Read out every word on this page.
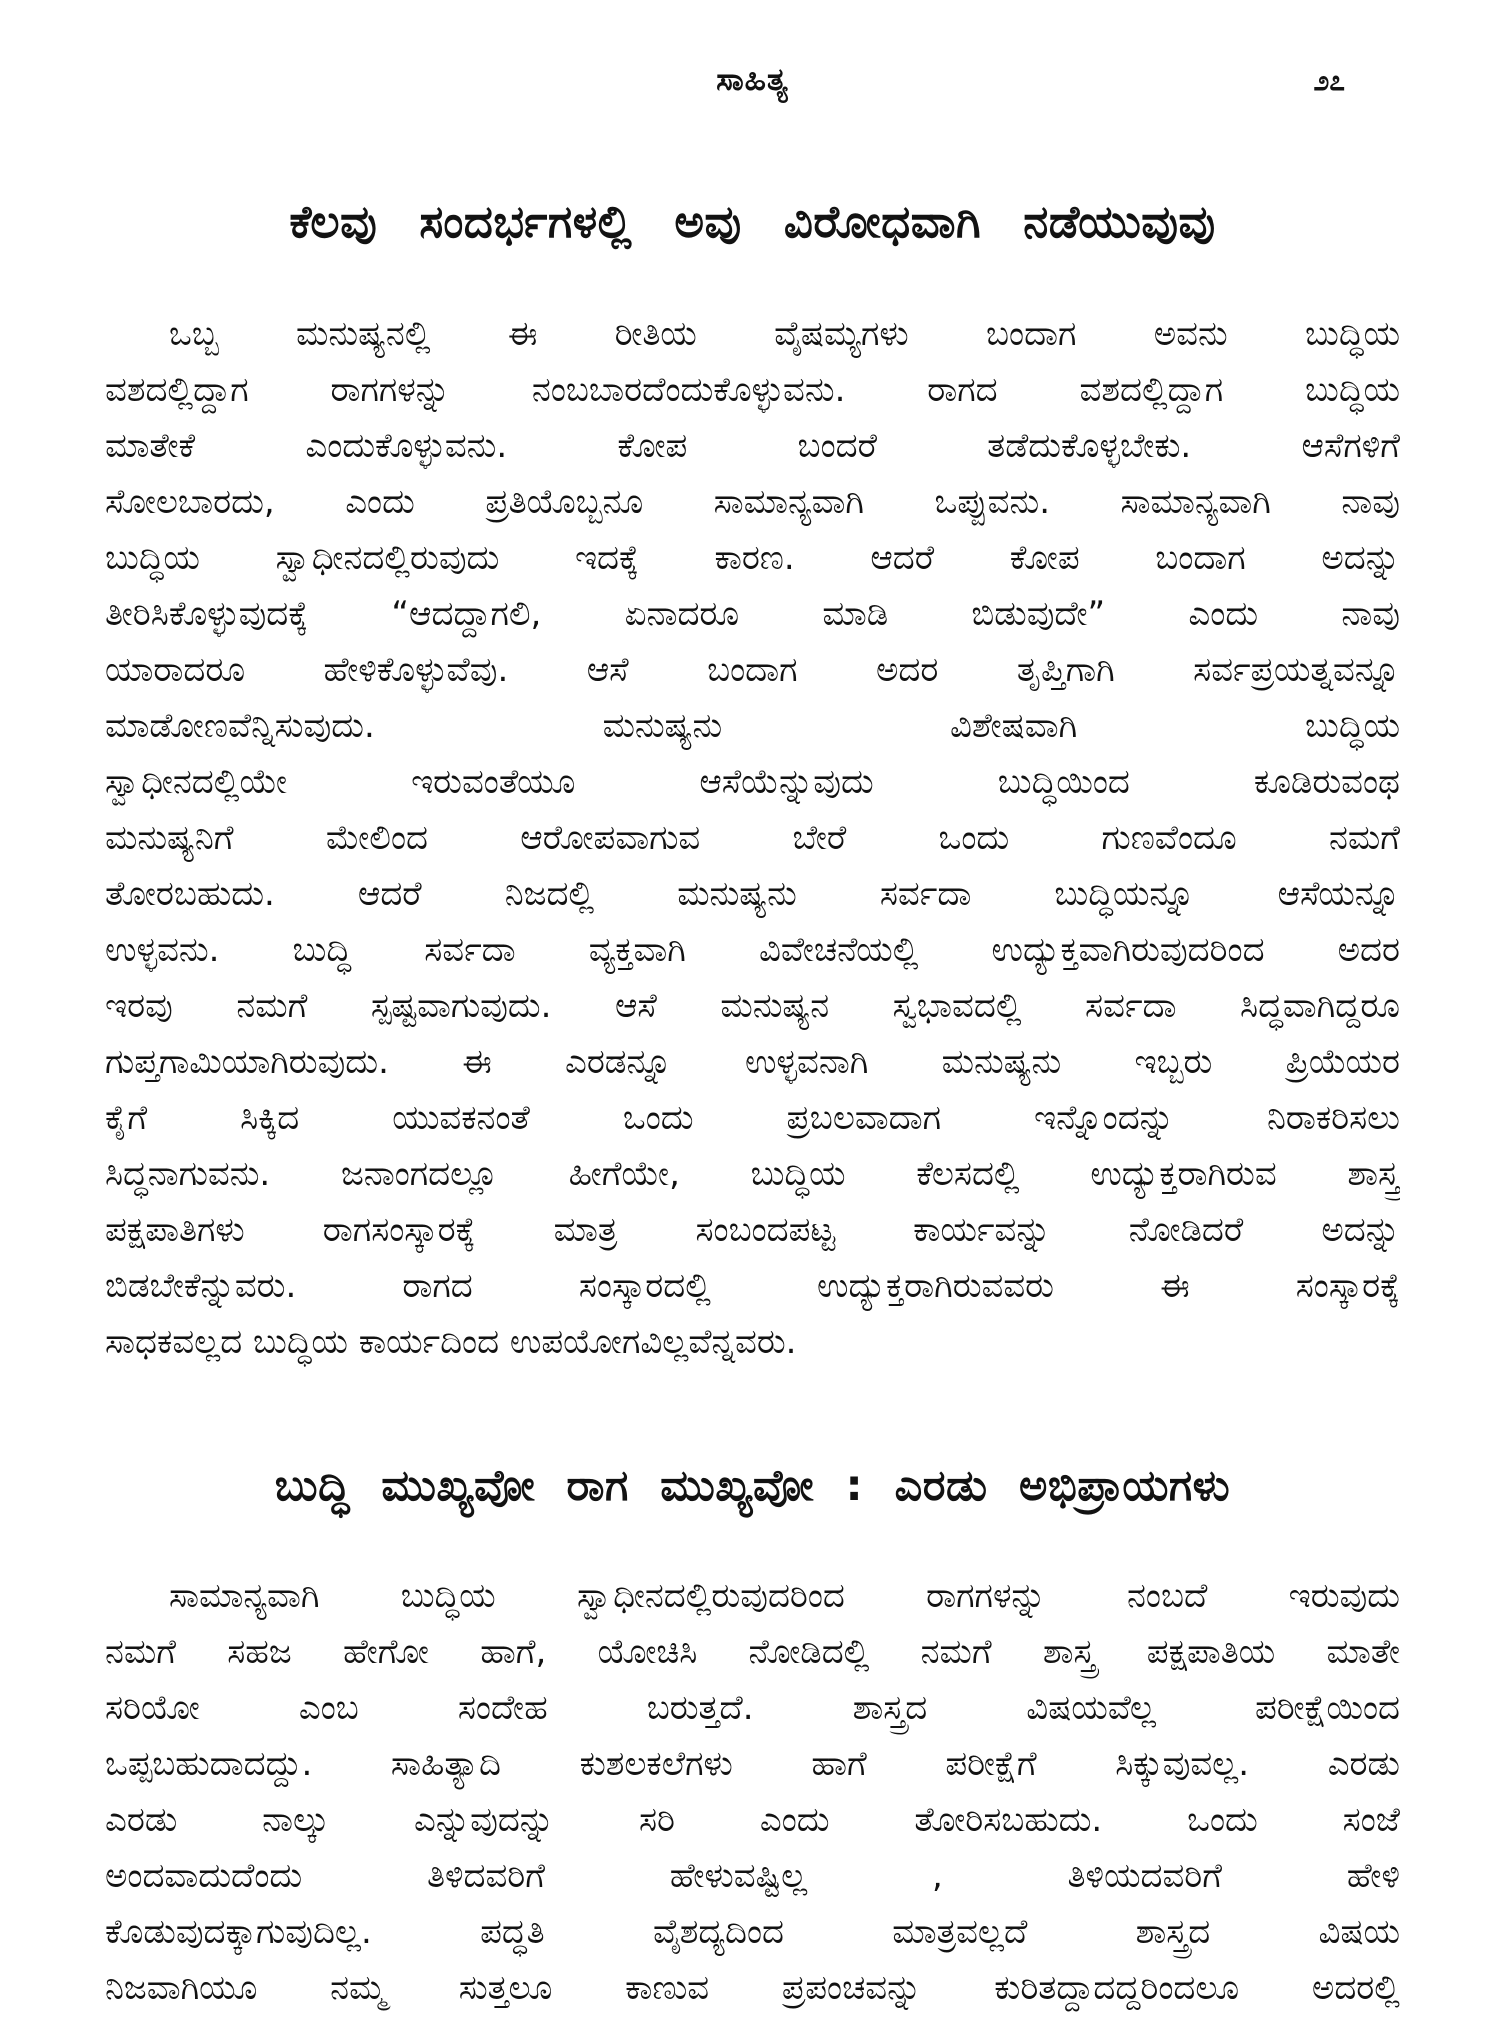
ಸಾಹಿತ್ಯ	೨೭
ಕೆಲವು ಸಂದರ್ಭಗಳಲ್ಲಿ ಅವು ವಿರೋಧವಾಗಿ ನಡೆಯುವುವು
ಒಬ್ಬ ಮನುಷ್ಯನಲ್ಲಿ ಈ ರೀತಿಯ ವೈಷಮ್ಯಗಳು ಬಂದಾಗ ಅವನು ಬುದ್ಧಿಯ
ವಶದಲ್ಲಿದ್ದಾಗ ರಾಗಗಳನ್ನು ನಂಬಬಾರದೆಂದುಕೊಳ್ಳುವನು. ರಾಗದ ವಶದಲ್ಲಿದ್ದಾಗ ಬುದ್ಧಿಯ
ಮಾತೇಕೆ ಎಂದುಕೊಳ್ಳುವನು. ಕೋಪ ಬಂದರೆ ತಡೆದುಕೊಳ್ಳಬೇಕು. ಆಸೆಗಳಿಗೆ
ಸೋಲಬಾರದು, ಎಂದು ಪ್ರತಿಯೊಬ್ಬನೂ ಸಾಮಾನ್ಯವಾಗಿ ಒಪ್ಪುವನು. ಸಾಮಾನ್ಯವಾಗಿ ನಾವು
ಬುದ್ಧಿಯ ಸ್ವಾಧೀನದಲ್ಲಿರುವುದು ಇದಕ್ಕೆ ಕಾರಣ. ಆದರೆ ಕೋಪ ಬಂದಾಗ ಅದನ್ನು
ತೀರಿಸಿಕೊಳ್ಳುವುದಕ್ಕೆ “ಆದದ್ದಾಗಲಿ, ಏನಾದರೂ ಮಾಡಿ ಬಿಡುವುದೇ” ಎಂದು ನಾವು
ಯಾರಾದರೂ ಹೇಳಿಕೊಳ್ಳುವೆವು. ಆಸೆ ಬಂದಾಗ ಅದರ ತೃಪ್ತಿಗಾಗಿ ಸರ್ವಪ್ರಯತ್ನವನ್ನೂ
ಮಾಡೋಣವೆನ್ನಿಸುವುದು. ಮನುಷ್ಯನು ವಿಶೇಷವಾಗಿ ಬುದ್ಧಿಯ
ಸ್ವಾಧೀನದಲ್ಲಿಯೇ ಇರುವಂತೆಯೂ ಆಸೆಯೆನ್ನುವುದು ಬುದ್ಧಿಯಿಂದ ಕೂಡಿರುವಂಥ
ಮನುಷ್ಯನಿಗೆ ಮೇಲಿಂದ ಆರೋಪವಾಗುವ ಬೇರೆ ಒಂದು ಗುಣವೆಂದೂ ನಮಗೆ
ತೋರಬಹುದು. ಆದರೆ ನಿಜದಲ್ಲಿ ಮನುಷ್ಯನು ಸರ್ವದಾ ಬುದ್ಧಿಯನ್ನೂ ಆಸೆಯನ್ನೂ
ಉಳ್ಳವನು. ಬುದ್ಧಿ ಸರ್ವದಾ ವ್ಯಕ್ತವಾಗಿ ವಿವೇಚನೆಯಲ್ಲಿ ಉದ್ಯುಕ್ತವಾಗಿರುವುದರಿಂದ ಅದರ
ಇರವು ನಮಗೆ ಸ್ಪಷ್ಟವಾಗುವುದು. ಆಸೆ ಮನುಷ್ಯನ ಸ್ವಭಾವದಲ್ಲಿ ಸರ್ವದಾ ಸಿದ್ಧವಾಗಿದ್ದರೂ
ಗುಪ್ತಗಾಮಿಯಾಗಿರುವುದು. ಈ ಎರಡನ್ನೂ ಉಳ್ಳವನಾಗಿ ಮನುಷ್ಯನು ಇಬ್ಬರು ಪ್ರಿಯೆಯರ
ಕೈಗೆ ಸಿಕ್ಕಿದ ಯುವಕನಂತೆ ಒಂದು ಪ್ರಬಲವಾದಾಗ ಇನ್ನೊಂದನ್ನು ನಿರಾಕರಿಸಲು
ಸಿದ್ಧನಾಗುವನು. ಜನಾಂಗದಲ್ಲೂ ಹೀಗೆಯೇ, ಬುದ್ಧಿಯ ಕೆಲಸದಲ್ಲಿ ಉದ್ಯುಕ್ತರಾಗಿರುವ ಶಾಸ್ತ್ರ
ಪಕ್ಷಪಾತಿಗಳು ರಾಗಸಂಸ್ಕಾರಕ್ಕೆ ಮಾತ್ರ ಸಂಬಂದಪಟ್ಟ ಕಾರ್ಯವನ್ನು ನೋಡಿದರೆ ಅದನ್ನು
ಬಿಡಬೇಕೆನ್ನುವರು. ರಾಗದ ಸಂಸ್ಕಾರದಲ್ಲಿ ಉದ್ಯುಕ್ತರಾಗಿರುವವರು ಈ ಸಂಸ್ಕಾರಕ್ಕೆ
ಸಾಧಕವಲ್ಲದ ಬುದ್ಧಿಯ ಕಾರ್ಯದಿಂದ ಉಪಯೋಗವಿಲ್ಲವೆನ್ನವರು.
ಬುದ್ಧಿ ಮುಖ್ಯವೋ ರಾಗ ಮುಖ್ಯವೋ : ಎರಡು ಅಭಿಪ್ರಾಯಗಳು
ಸಾಮಾನ್ಯವಾಗಿ ಬುದ್ಧಿಯ ಸ್ವಾಧೀನದಲ್ಲಿರುವುದರಿಂದ ರಾಗಗಳನ್ನು ನಂಬದೆ ಇರುವುದು
ನಮಗೆ ಸಹಜ ಹೇಗೋ ಹಾಗೆ, ಯೋಚಿಸಿ ನೋಡಿದಲ್ಲಿ ನಮಗೆ ಶಾಸ್ತ್ರ ಪಕ್ಷಪಾತಿಯ ಮಾತೇ
ಸರಿಯೋ ಎಂಬ ಸಂದೇಹ ಬರುತ್ತದೆ. ಶಾಸ್ತ್ರದ ವಿಷಯವೆಲ್ಲ ಪರೀಕ್ಷೆಯಿಂದ
ಒಪ್ಪಬಹುದಾದದ್ದು. ಸಾಹಿತ್ಯಾದಿ ಕುಶಲಕಲೆಗಳು ಹಾಗೆ ಪರೀಕ್ಷೆಗೆ ಸಿಕ್ಕುವುವಲ್ಲ. ಎರಡು
ಎರಡು ನಾಲ್ಕು ಎನ್ನುವುದನ್ನು ಸರಿ ಎಂದು ತೋರಿಸಬಹುದು. ಒಂದು ಸಂಜೆ
ಅಂದವಾದುದೆಂದು ತಿಳಿದವರಿಗೆ ಹೇಳುವಷ್ಟಿಲ್ಲ , ತಿಳಿಯದವರಿಗೆ ಹೇಳಿ
ಕೊಡುವುದಕ್ಕಾಗುವುದಿಲ್ಲ. ಪದ್ಧತಿ ವೈಶದ್ಯದಿಂದ ಮಾತ್ರವಲ್ಲದೆ ಶಾಸ್ತ್ರದ ವಿಷಯ
ನಿಜವಾಗಿಯೂ ನಮ್ಮ ಸುತ್ತಲೂ ಕಾಣುವ ಪ್ರಪಂಚವನ್ನು ಕುರಿತದ್ದಾದದ್ದರಿಂದಲೂ ಅದರಲ್ಲಿ
